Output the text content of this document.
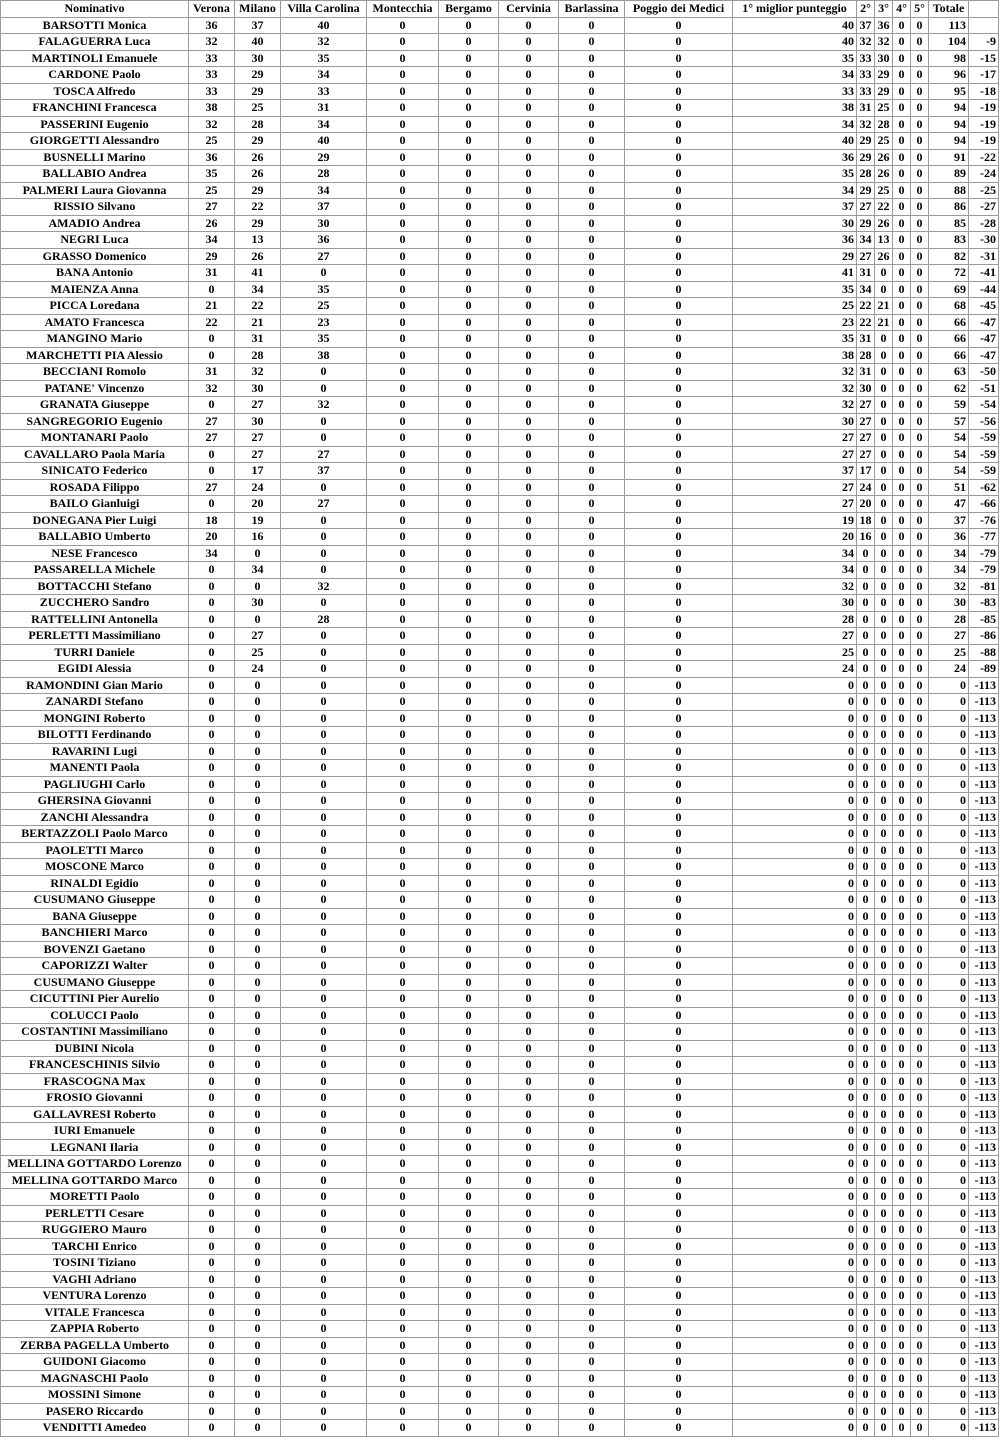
Nominativo	Verona	Milano	Villa Carolina	Montecchia	Bergamo	Cervinia	Barlassina	Poggio dei Medici	1° miglior punteggio	2°	3°	4°	5°	Totale	
BARSOTTI Monica	36	37	40	0	0	0	0	0	40	37	36	0	0	113	
FALAGUERRA Luca	32	40	32	0	0	0	0	0	40	32	32	0	0	104	-9
MARTINOLI Emanuele	33	30	35	0	0	0	0	0	35	33	30	0	0	98	-15
CARDONE Paolo	33	29	34	0	0	0	0	0	34	33	29	0	0	96	-17
TOSCA Alfredo	33	29	33	0	0	0	0	0	33	33	29	0	0	95	-18
FRANCHINI Francesca	38	25	31	0	0	0	0	0	38	31	25	0	0	94	-19
PASSERINI Eugenio	32	28	34	0	0	0	0	0	34	32	28	0	0	94	-19
GIORGETTI Alessandro	25	29	40	0	0	0	0	0	40	29	25	0	0	94	-19
BUSNELLI Marino	36	26	29	0	0	0	0	0	36	29	26	0	0	91	-22
BALLABIO Andrea	35	26	28	0	0	0	0	0	35	28	26	0	0	89	-24
PALMERI Laura Giovanna	25	29	34	0	0	0	0	0	34	29	25	0	0	88	-25
RISSIO Silvano	27	22	37	0	0	0	0	0	37	27	22	0	0	86	-27
AMADIO Andrea	26	29	30	0	0	0	0	0	30	29	26	0	0	85	-28
NEGRI Luca	34	13	36	0	0	0	0	0	36	34	13	0	0	83	-30
GRASSO Domenico	29	26	27	0	0	0	0	0	29	27	26	0	0	82	-31
BANA Antonio	31	41	0	0	0	0	0	0	41	31	0	0	0	72	-41
MAIENZA Anna	0	34	35	0	0	0	0	0	35	34	0	0	0	69	-44
PICCA Loredana	21	22	25	0	0	0	0	0	25	22	21	0	0	68	-45
AMATO Francesca	22	21	23	0	0	0	0	0	23	22	21	0	0	66	-47
MANGINO Mario	0	31	35	0	0	0	0	0	35	31	0	0	0	66	-47
MARCHETTI PIA Alessio	0	28	38	0	0	0	0	0	38	28	0	0	0	66	-47
BECCIANI Romolo	31	32	0	0	0	0	0	0	32	31	0	0	0	63	-50
PATANE' Vincenzo	32	30	0	0	0	0	0	0	32	30	0	0	0	62	-51
GRANATA Giuseppe	0	27	32	0	0	0	0	0	32	27	0	0	0	59	-54
SANGREGORIO Eugenio	27	30	0	0	0	0	0	0	30	27	0	0	0	57	-56
MONTANARI Paolo	27	27	0	0	0	0	0	0	27	27	0	0	0	54	-59
CAVALLARO Paola Maria	0	27	27	0	0	0	0	0	27	27	0	0	0	54	-59
SINICATO Federico	0	17	37	0	0	0	0	0	37	17	0	0	0	54	-59
ROSADA Filippo	27	24	0	0	0	0	0	0	27	24	0	0	0	51	-62
BAILO Gianluigi	0	20	27	0	0	0	0	0	27	20	0	0	0	47	-66
DONEGANA Pier Luigi	18	19	0	0	0	0	0	0	19	18	0	0	0	37	-76
BALLABIO Umberto	20	16	0	0	0	0	0	0	20	16	0	0	0	36	-77
NESE Francesco	34	0	0	0	0	0	0	0	34	0	0	0	0	34	-79
PASSARELLA Michele	0	34	0	0	0	0	0	0	34	0	0	0	0	34	-79
BOTTACCHI Stefano	0	0	32	0	0	0	0	0	32	0	0	0	0	32	-81
ZUCCHERO Sandro	0	30	0	0	0	0	0	0	30	0	0	0	0	30	-83
RATTELLINI Antonella	0	0	28	0	0	0	0	0	28	0	0	0	0	28	-85
PERLETTI Massimiliano	0	27	0	0	0	0	0	0	27	0	0	0	0	27	-86
TURRI Daniele	0	25	0	0	0	0	0	0	25	0	0	0	0	25	-88
EGIDI Alessia	0	24	0	0	0	0	0	0	24	0	0	0	0	24	-89
RAMONDINI Gian Mario	0	0	0	0	0	0	0	0	0	0	0	0	0	0	-113
ZANARDI Stefano	0	0	0	0	0	0	0	0	0	0	0	0	0	0	-113
MONGINI Roberto	0	0	0	0	0	0	0	0	0	0	0	0	0	0	-113
BILOTTI Ferdinando	0	0	0	0	0	0	0	0	0	0	0	0	0	0	-113
RAVARINI Lugi	0	0	0	0	0	0	0	0	0	0	0	0	0	0	-113
MANENTI Paola	0	0	0	0	0	0	0	0	0	0	0	0	0	0	-113
PAGLIUGHI Carlo	0	0	0	0	0	0	0	0	0	0	0	0	0	0	-113
GHERSINA Giovanni	0	0	0	0	0	0	0	0	0	0	0	0	0	0	-113
ZANCHI Alessandra	0	0	0	0	0	0	0	0	0	0	0	0	0	0	-113
BERTAZZOLI Paolo Marco	0	0	0	0	0	0	0	0	0	0	0	0	0	0	-113
PAOLETTI Marco	0	0	0	0	0	0	0	0	0	0	0	0	0	0	-113
MOSCONE Marco	0	0	0	0	0	0	0	0	0	0	0	0	0	0	-113
RINALDI Egidio	0	0	0	0	0	0	0	0	0	0	0	0	0	0	-113
CUSUMANO Giuseppe	0	0	0	0	0	0	0	0	0	0	0	0	0	0	-113
BANA Giuseppe	0	0	0	0	0	0	0	0	0	0	0	0	0	0	-113
BANCHIERI Marco	0	0	0	0	0	0	0	0	0	0	0	0	0	0	-113
BOVENZI Gaetano	0	0	0	0	0	0	0	0	0	0	0	0	0	0	-113
CAPORIZZI Walter	0	0	0	0	0	0	0	0	0	0	0	0	0	0	-113
CUSUMANO Giuseppe	0	0	0	0	0	0	0	0	0	0	0	0	0	0	-113
CICUTTINI Pier Aurelio	0	0	0	0	0	0	0	0	0	0	0	0	0	0	-113
COLUCCI Paolo	0	0	0	0	0	0	0	0	0	0	0	0	0	0	-113
COSTANTINI Massimiliano	0	0	0	0	0	0	0	0	0	0	0	0	0	0	-113
DUBINI Nicola	0	0	0	0	0	0	0	0	0	0	0	0	0	0	-113
FRANCESCHINIS Silvio	0	0	0	0	0	0	0	0	0	0	0	0	0	0	-113
FRASCOGNA Max	0	0	0	0	0	0	0	0	0	0	0	0	0	0	-113
FROSIO Giovanni	0	0	0	0	0	0	0	0	0	0	0	0	0	0	-113
GALLAVRESI Roberto	0	0	0	0	0	0	0	0	0	0	0	0	0	0	-113
IURI Emanuele	0	0	0	0	0	0	0	0	0	0	0	0	0	0	-113
LEGNANI Ilaria	0	0	0	0	0	0	0	0	0	0	0	0	0	0	-113
MELLINA GOTTARDO Lorenzo	0	0	0	0	0	0	0	0	0	0	0	0	0	0	-113
MELLINA GOTTARDO Marco	0	0	0	0	0	0	0	0	0	0	0	0	0	0	-113
MORETTI Paolo	0	0	0	0	0	0	0	0	0	0	0	0	0	0	-113
PERLETTI Cesare	0	0	0	0	0	0	0	0	0	0	0	0	0	0	-113
RUGGIERO Mauro	0	0	0	0	0	0	0	0	0	0	0	0	0	0	-113
TARCHI Enrico	0	0	0	0	0	0	0	0	0	0	0	0	0	0	-113
TOSINI Tiziano	0	0	0	0	0	0	0	0	0	0	0	0	0	0	-113
VAGHI Adriano	0	0	0	0	0	0	0	0	0	0	0	0	0	0	-113
VENTURA Lorenzo	0	0	0	0	0	0	0	0	0	0	0	0	0	0	-113
VITALE Francesca	0	0	0	0	0	0	0	0	0	0	0	0	0	0	-113
ZAPPIA Roberto	0	0	0	0	0	0	0	0	0	0	0	0	0	0	-113
ZERBA PAGELLA Umberto	0	0	0	0	0	0	0	0	0	0	0	0	0	0	-113
GUIDONI Giacomo	0	0	0	0	0	0	0	0	0	0	0	0	0	0	-113
MAGNASCHI Paolo	0	0	0	0	0	0	0	0	0	0	0	0	0	0	-113
MOSSINI Simone	0	0	0	0	0	0	0	0	0	0	0	0	0	0	-113
PASERO Riccardo	0	0	0	0	0	0	0	0	0	0	0	0	0	0	-113
VENDITTI Amedeo	0	0	0	0	0	0	0	0	0	0	0	0	0	0	-113
